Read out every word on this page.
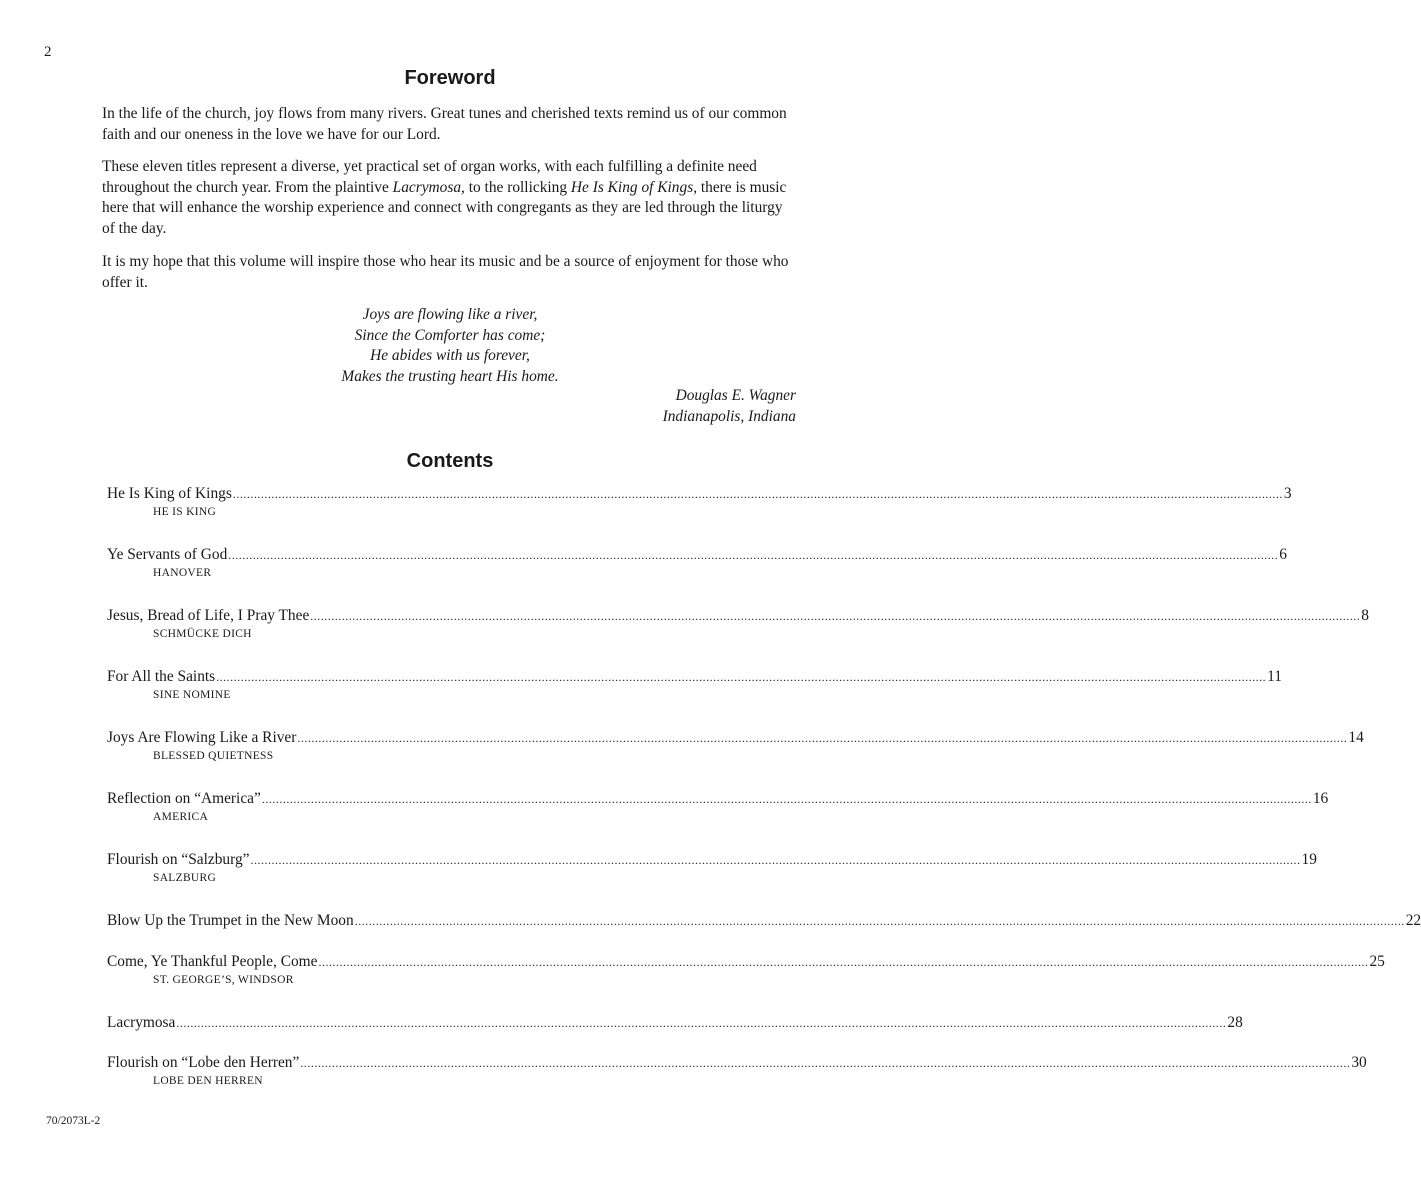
2
Foreword

In the life of the church, joy flows from many rivers. Great tunes and cherished texts remind us of our common faith and our oneness in the love we have for our Lord.

These eleven titles represent a diverse, yet practical set of organ works, with each fulfilling a definite need throughout the church year. From the plaintive Lacrymosa, to the rollicking He Is King of Kings, there is music here that will enhance the worship experience and connect with congregants as they are led through the liturgy of the day.

It is my hope that this volume will inspire those who hear its music and be a source of enjoyment for those who offer it.

Joys are flowing like a river,
Since the Comforter has come;
He abides with us forever,
Makes the trusting heart His home.
Douglas E. Wagner
Indianapolis, Indiana
Contents
He Is King of Kings ............................................................................................................................................................................................................................................................................................................ 3
HE IS KING
Ye Servants of God ............................................................................................................................................................................................................................................................................................................ 6
HANOVER
Jesus, Bread of Life, I Pray Thee ............................................................................................................................................................................................................................................................................................................ 8
SCHMÜCKE DICH
For All the Saints ............................................................................................................................................................................................................................................................................................................ 11
SINE NOMINE
Joys Are Flowing Like a River ............................................................................................................................................................................................................................................................................................................ 14
BLESSED QUIETNESS
Reflection on “America” ............................................................................................................................................................................................................................................................................................................ 16
AMERICA
Flourish on “Salzburg” ............................................................................................................................................................................................................................................................................................................ 19
SALZBURG
Blow Up the Trumpet in the New Moon ............................................................................................................................................................................................................................................................................................................ 22
Come, Ye Thankful People, Come ............................................................................................................................................................................................................................................................................................................ 25
ST. GEORGE’S, WINDSOR
Lacrymosa ............................................................................................................................................................................................................................................................................................................ 28
Flourish on “Lobe den Herren” ............................................................................................................................................................................................................................................................................................................ 30
LOBE DEN HERREN
70/2073L-2
